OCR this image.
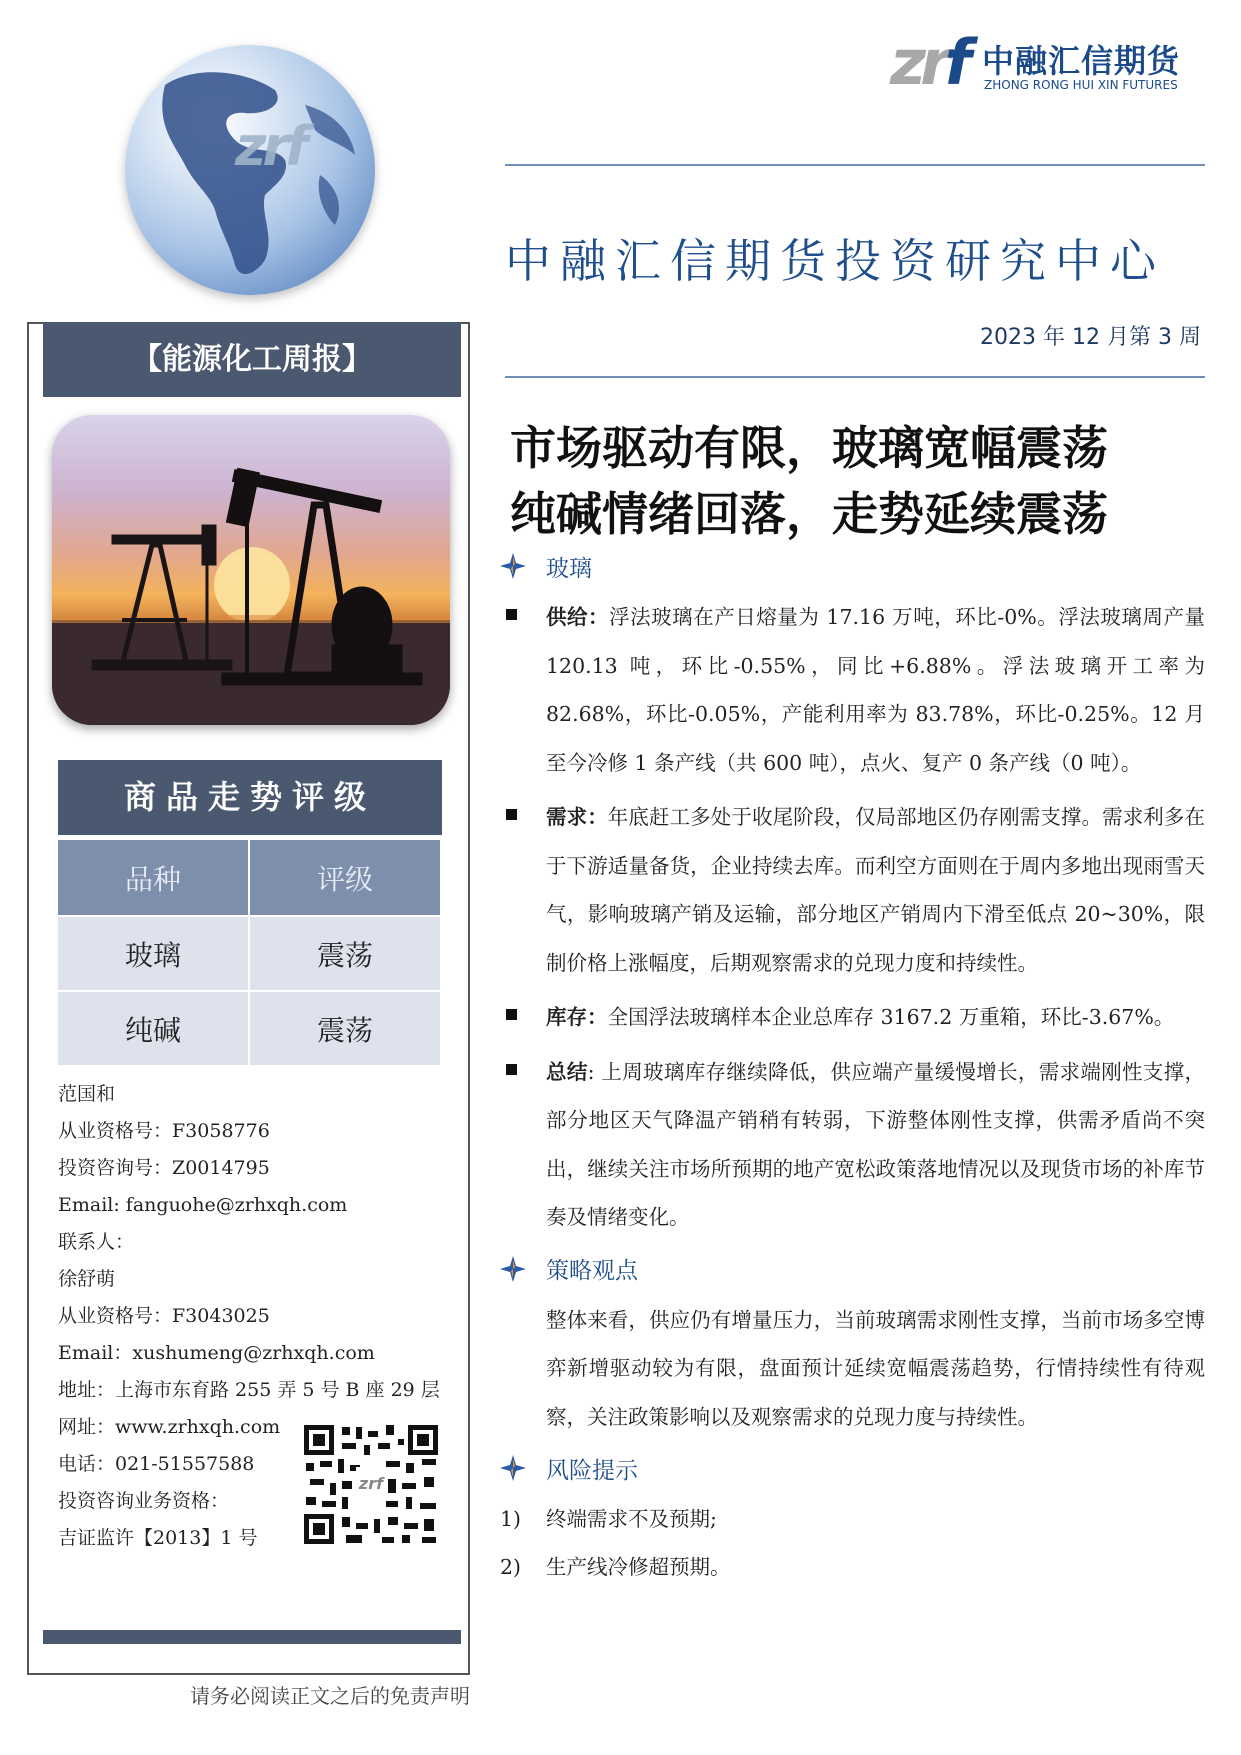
zrf
zrf 中融汇信期货
ZHONG RONG HUI XIN FUTURES
中融汇信期货投资研究中心
2023 年 12 月第 3 周
市场驱动有限，玻璃宽幅震荡
纯碱情绪回落，走势延续震荡
【能源化工周报】
商品走势评级
品种	评级
玻璃	震荡
纯碱	震荡
范国和
从业资格号：F3058776
投资咨询号：Z0014795
Email: fanguohe@zrhxqh.com
联系人：
徐舒萌
从业资格号：F3043025
Email：xushumeng@zrhxqh.com
地址：上海市东育路 255 弄 5 号 B 座 29 层
网址：www.zrhxqh.com
电话：021-51557588
投资咨询业务资格：
吉证监许【2013】1 号
zrf
请务必阅读正文之后的免责声明
玻璃
供给：浮法玻璃在产日熔量为 17.16 万吨，环比-0%。浮法玻璃周产量 120.13 吨，环比-0.55%，同比+6.88%。浮法玻璃开工率为 82.68%，环比-0.05%，产能利用率为 83.78%，环比-0.25%。12 月至今冷修 1 条产线（共 600 吨），点火、复产 0 条产线（0 吨）。
需求：年底赶工多处于收尾阶段，仅局部地区仍存刚需支撑。需求利多在于下游适量备货，企业持续去库。而利空方面则在于周内多地出现雨雪天气，影响玻璃产销及运输，部分地区产销周内下滑至低点 20~30%，限制价格上涨幅度，后期观察需求的兑现力度和持续性。
库存：全国浮法玻璃样本企业总库存 3167.2 万重箱，环比-3.67%。
总结: 上周玻璃库存继续降低，供应端产量缓慢增长，需求端刚性支撑，部分地区天气降温产销稍有转弱，下游整体刚性支撑，供需矛盾尚不突出，继续关注市场所预期的地产宽松政策落地情况以及现货市场的补库节奏及情绪变化。
策略观点
整体来看，供应仍有增量压力，当前玻璃需求刚性支撑，当前市场多空博弈新增驱动较为有限，盘面预计延续宽幅震荡趋势，行情持续性有待观察，关注政策影响以及观察需求的兑现力度与持续性。
风险提示
1)	终端需求不及预期;
2)	生产线冷修超预期。
